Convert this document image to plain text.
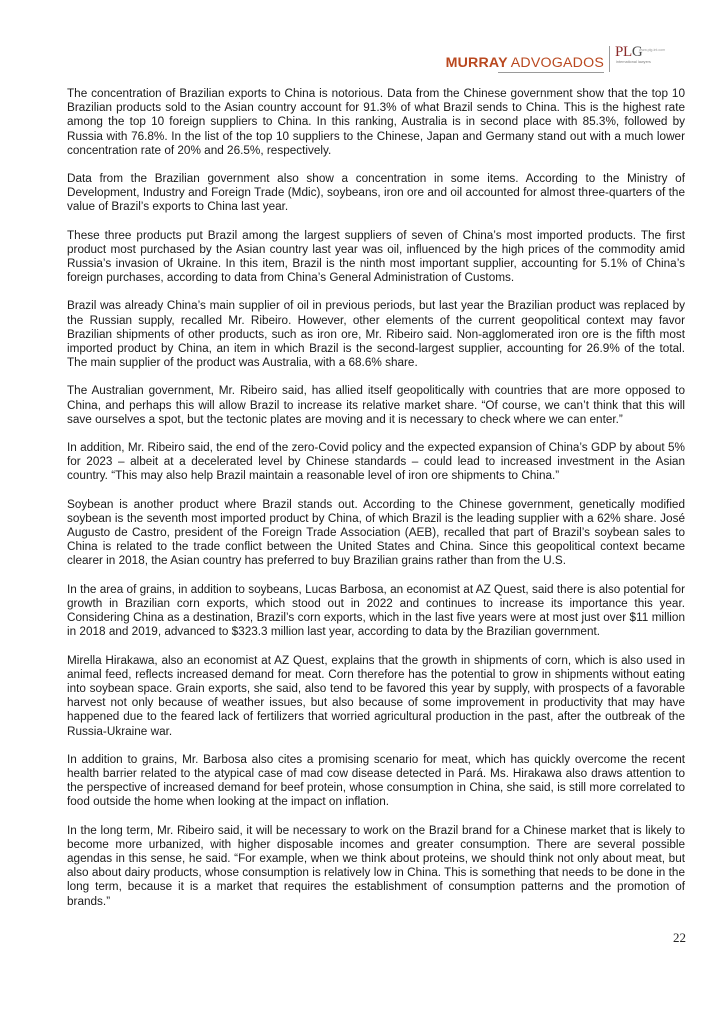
MURRAY ADVOGADOS
PLG
www.plg-int.com
international lawyers

The concentration of Brazilian exports to China is notorious. Data from the Chinese government show that the top 10 Brazilian products sold to the Asian country account for 91.3% of what Brazil sends to China. This is the highest rate among the top 10 foreign suppliers to China. In this ranking, Australia is in second place with 85.3%, followed by Russia with 76.8%. In the list of the top 10 suppliers to the Chinese, Japan and Germany stand out with a much lower concentration rate of 20% and 26.5%, respectively.

Data from the Brazilian government also show a concentration in some items. According to the Ministry of Development, Industry and Foreign Trade (Mdic), soybeans, iron ore and oil accounted for almost three-quarters of the value of Brazil’s exports to China last year.

These three products put Brazil among the largest suppliers of seven of China’s most imported products. The first product most purchased by the Asian country last year was oil, influenced by the high prices of the commodity amid Russia’s invasion of Ukraine. In this item, Brazil is the ninth most important supplier, accounting for 5.1% of China’s foreign purchases, according to data from China’s General Administration of Customs.

Brazil was already China’s main supplier of oil in previous periods, but last year the Brazilian product was replaced by the Russian supply, recalled Mr. Ribeiro. However, other elements of the current geopolitical context may favor Brazilian shipments of other products, such as iron ore, Mr. Ribeiro said. Non-agglomerated iron ore is the fifth most imported product by China, an item in which Brazil is the second-largest supplier, accounting for 26.9% of the total. The main supplier of the product was Australia, with a 68.6% share.

The Australian government, Mr. Ribeiro said, has allied itself geopolitically with countries that are more opposed to China, and perhaps this will allow Brazil to increase its relative market share. “Of course, we can’t think that this will save ourselves a spot, but the tectonic plates are moving and it is necessary to check where we can enter.”

In addition, Mr. Ribeiro said, the end of the zero-Covid policy and the expected expansion of China’s GDP by about 5% for 2023 – albeit at a decelerated level by Chinese standards – could lead to increased investment in the Asian country. “This may also help Brazil maintain a reasonable level of iron ore shipments to China.”

Soybean is another product where Brazil stands out. According to the Chinese government, genetically modified soybean is the seventh most imported product by China, of which Brazil is the leading supplier with a 62% share. José Augusto de Castro, president of the Foreign Trade Association (AEB), recalled that part of Brazil’s soybean sales to China is related to the trade conflict between the United States and China. Since this geopolitical context became clearer in 2018, the Asian country has preferred to buy Brazilian grains rather than from the U.S.

In the area of grains, in addition to soybeans, Lucas Barbosa, an economist at AZ Quest, said there is also potential for growth in Brazilian corn exports, which stood out in 2022 and continues to increase its importance this year. Considering China as a destination, Brazil’s corn exports, which in the last five years were at most just over $11 million in 2018 and 2019, advanced to $323.3 million last year, according to data by the Brazilian government.

Mirella Hirakawa, also an economist at AZ Quest, explains that the growth in shipments of corn, which is also used in animal feed, reflects increased demand for meat. Corn therefore has the potential to grow in shipments without eating into soybean space. Grain exports, she said, also tend to be favored this year by supply, with prospects of a favorable harvest not only because of weather issues, but also because of some improvement in productivity that may have happened due to the feared lack of fertilizers that worried agricultural production in the past, after the outbreak of the Russia-Ukraine war.

In addition to grains, Mr. Barbosa also cites a promising scenario for meat, which has quickly overcome the recent health barrier related to the atypical case of mad cow disease detected in Pará. Ms. Hirakawa also draws attention to the perspective of increased demand for beef protein, whose consumption in China, she said, is still more correlated to food outside the home when looking at the impact on inflation.

In the long term, Mr. Ribeiro said, it will be necessary to work on the Brazil brand for a Chinese market that is likely to become more urbanized, with higher disposable incomes and greater consumption. There are several possible agendas in this sense, he said. “For example, when we think about proteins, we should think not only about meat, but also about dairy products, whose consumption is relatively low in China. This is something that needs to be done in the long term, because it is a market that requires the establishment of consumption patterns and the promotion of brands.”

22
